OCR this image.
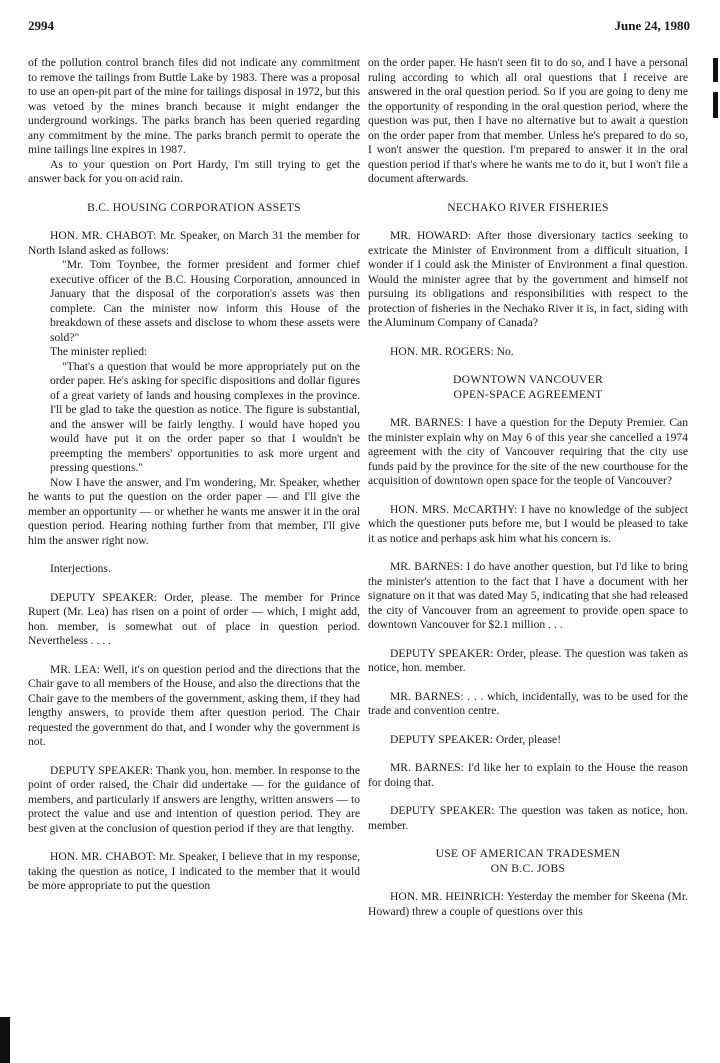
2994	June 24, 1980

of the pollution control branch files did not indicate any commitment to remove the tailings from Buttle Lake by 1983. There was a proposal to use an open-pit part of the mine for tailings disposal in 1972, but this was vetoed by the mines branch because it might endanger the underground workings. The parks branch has been queried regarding any commitment by the mine. The parks branch permit to operate the mine tailings line expires in 1987.

As to your question on Port Hardy, I'm still trying to get the answer back for you on acid rain.

B.C. HOUSING CORPORATION ASSETS

HON. MR. CHABOT: Mr. Speaker, on March 31 the member for North Island asked as follows:

"Mr. Tom Toynbee, the former president and former chief executive officer of the B.C. Housing Corporation, announced in January that the disposal of the corporation's assets was then complete. Can the minister now inform this House of the breakdown of these assets and disclose to whom these assets were sold?"

The minister replied:

"That's a question that would be more appropriately put on the order paper. He's asking for specific dispositions and dollar figures of a great variety of lands and housing complexes in the province. I'll be glad to take the question as notice. The figure is substantial, and the answer will be fairly lengthy. I would have hoped you would have put it on the order paper so that I wouldn't be preempting the members' opportunities to ask more urgent and pressing questions."

Now I have the answer, and I'm wondering, Mr. Speaker, whether he wants to put the question on the order paper — and I'll give the member an opportunity — or whether he wants me answer it in the oral question period. Hearing nothing further from that member, I'll give him the answer right now.

Interjections.

DEPUTY SPEAKER: Order, please. The member for Prince Rupert (Mr. Lea) has risen on a point of order — which, I might add, hon. member, is somewhat out of place in question period. Nevertheless . . . .

MR. LEA: Well, it's on question period and the directions that the Chair gave to all members of the House, and also the directions that the Chair gave to the members of the government, asking them, if they had lengthy answers, to provide them after question period. The Chair requested the government do that, and I wonder why the government is not.

DEPUTY SPEAKER: Thank you, hon. member. In response to the point of order raised, the Chair did undertake — for the guidance of members, and particularly if answers are lengthy, written answers — to protect the value and use and intention of question period. They are best given at the conclusion of question period if they are that lengthy.

HON. MR. CHABOT: Mr. Speaker, I believe that in my response, taking the question as notice, I indicated to the member that it would be more appropriate to put the question

on the order paper. He hasn't seen fit to do so, and I have a personal ruling according to which all oral questions that I receive are answered in the oral question period. So if you are going to deny me the opportunity of responding in the oral question period, where the question was put, then I have no alternative but to await a question on the order paper from that member. Unless he's prepared to do so, I won't answer the question. I'm prepared to answer it in the oral question period if that's where he wants me to do it, but I won't file a document afterwards.

NECHAKO RIVER FISHERIES

MR. HOWARD: After those diversionary tactics seeking to extricate the Minister of Environment from a difficult situation, I wonder if I could ask the Minister of Environment a final question. Would the minister agree that by the government and himself not pursuing its obligations and responsibilities with respect to the protection of fisheries in the Nechako River it is, in fact, siding with the Aluminum Company of Canada?

HON. MR. ROGERS: No.

DOWNTOWN VANCOUVER
OPEN-SPACE AGREEMENT

MR. BARNES: I have a question for the Deputy Premier. Can the minister explain why on May 6 of this year she cancelled a 1974 agreement with the city of Vancouver requiring that the city use funds paid by the province for the site of the new courthouse for the acquisition of downtown open space for the teople of Vancouver?

HON. MRS. McCARTHY: I have no knowledge of the subject which the questioner puts before me, but I would be pleased to take it as notice and perhaps ask him what his concern is.

MR. BARNES: I do have another question, but I'd like to bring the minister's attention to the fact that I have a document with her signature on it that was dated May 5, indicating that she had released the city of Vancouver from an agreement to provide open space to downtown Vancouver for $2.1 million . . .

DEPUTY SPEAKER: Order, please. The question was taken as notice, hon. member.

MR. BARNES: . . . which, incidentally, was to be used for the trade and convention centre.

DEPUTY SPEAKER: Order, please!

MR. BARNES: I'd like her to explain to the House the reason for doing that.

DEPUTY SPEAKER: The question was taken as notice, hon. member.

USE OF AMERICAN TRADESMEN
ON B.C. JOBS

HON. MR. HEINRICH: Yesterday the member for Skeena (Mr. Howard) threw a couple of questions over this
